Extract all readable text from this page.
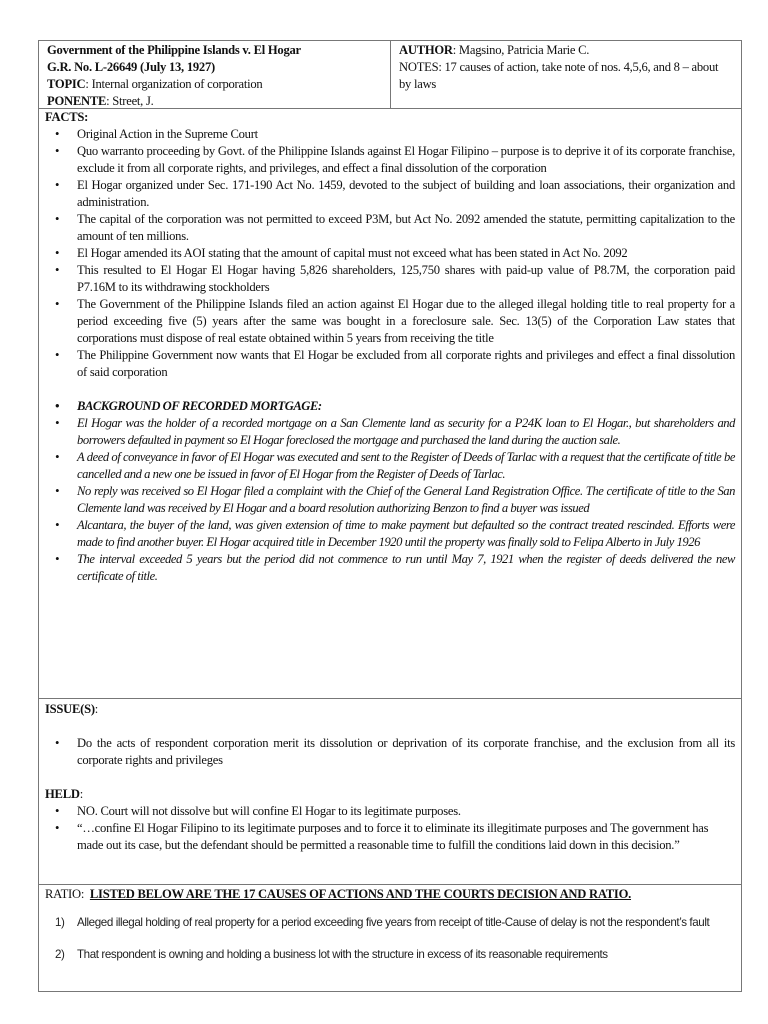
Government of the Philippine Islands v. El Hogar
G.R. No. L-26649 (July 13, 1927)
TOPIC: Internal organization of corporation
PONENTE: Street, J.
AUTHOR: Magsino, Patricia Marie C.
NOTES: 17 causes of action, take note of nos. 4,5,6, and 8 – about by laws
FACTS:
• Original Action in the Supreme Court
• Quo warranto proceeding by Govt. of the Philippine Islands against El Hogar Filipino – purpose is to deprive it of its corporate franchise, exclude it from all corporate rights, and privileges, and effect a final dissolution of the corporation
• El Hogar organized under Sec. 171-190 Act No. 1459, devoted to the subject of building and loan associations, their organization and administration.
• The capital of the corporation was not permitted to exceed P3M, but Act No. 2092 amended the statute, permitting capitalization to the amount of ten millions.
• El Hogar amended its AOI stating that the amount of capital must not exceed what has been stated in Act No. 2092
• This resulted to El Hogar El Hogar having 5,826 shareholders, 125,750 shares with paid-up value of P8.7M, the corporation paid P7.16M to its withdrawing stockholders
• The Government of the Philippine Islands filed an action against El Hogar due to the alleged illegal holding title to real property for a period exceeding five (5) years after the same was bought in a foreclosure sale. Sec. 13(5) of the Corporation Law states that corporations must dispose of real estate obtained within 5 years from receiving the title
• The Philippine Government now wants that El Hogar be excluded from all corporate rights and privileges and effect a final dissolution of said corporation
• BACKGROUND OF RECORDED MORTGAGE:
• El Hogar was the holder of a recorded mortgage on a San Clemente land as security for a P24K loan to El Hogar., but shareholders and borrowers defaulted in payment so El Hogar foreclosed the mortgage and purchased the land during the auction sale.
• A deed of conveyance in favor of El Hogar was executed and sent to the Register of Deeds of Tarlac with a request that the certificate of title be cancelled and a new one be issued in favor of El Hogar from the Register of Deeds of Tarlac.
• No reply was received so El Hogar filed a complaint with the Chief of the General Land Registration Office. The certificate of title to the San Clemente land was received by El Hogar and a board resolution authorizing Benzon to find a buyer was issued
• Alcantara, the buyer of the land, was given extension of time to make payment but defaulted so the contract treated rescinded. Efforts were made to find another buyer. El Hogar acquired title in December 1920 until the property was finally sold to Felipa Alberto in July 1926
• The interval exceeded 5 years but the period did not commence to run until May 7, 1921 when the register of deeds delivered the new certificate of title.
ISSUE(S):
• Do the acts of respondent corporation merit its dissolution or deprivation of its corporate franchise, and the exclusion from all its corporate rights and privileges
HELD:
• NO. Court will not dissolve but will confine El Hogar to its legitimate purposes.
• “…confine El Hogar Filipino to its legitimate purposes and to force it to eliminate its illegitimate purposes and The government has made out its case, but the defendant should be permitted a reasonable time to fulfill the conditions laid down in this decision.”
RATIO: LISTED BELOW ARE THE 17 CAUSES OF ACTIONS AND THE COURTS DECISION AND RATIO.
1) Alleged illegal holding of real property for a period exceeding five years from receipt of title-Cause of delay is not the respondent’s fault
2) That respondent is owning and holding a business lot with the structure in excess of its reasonable requirements
